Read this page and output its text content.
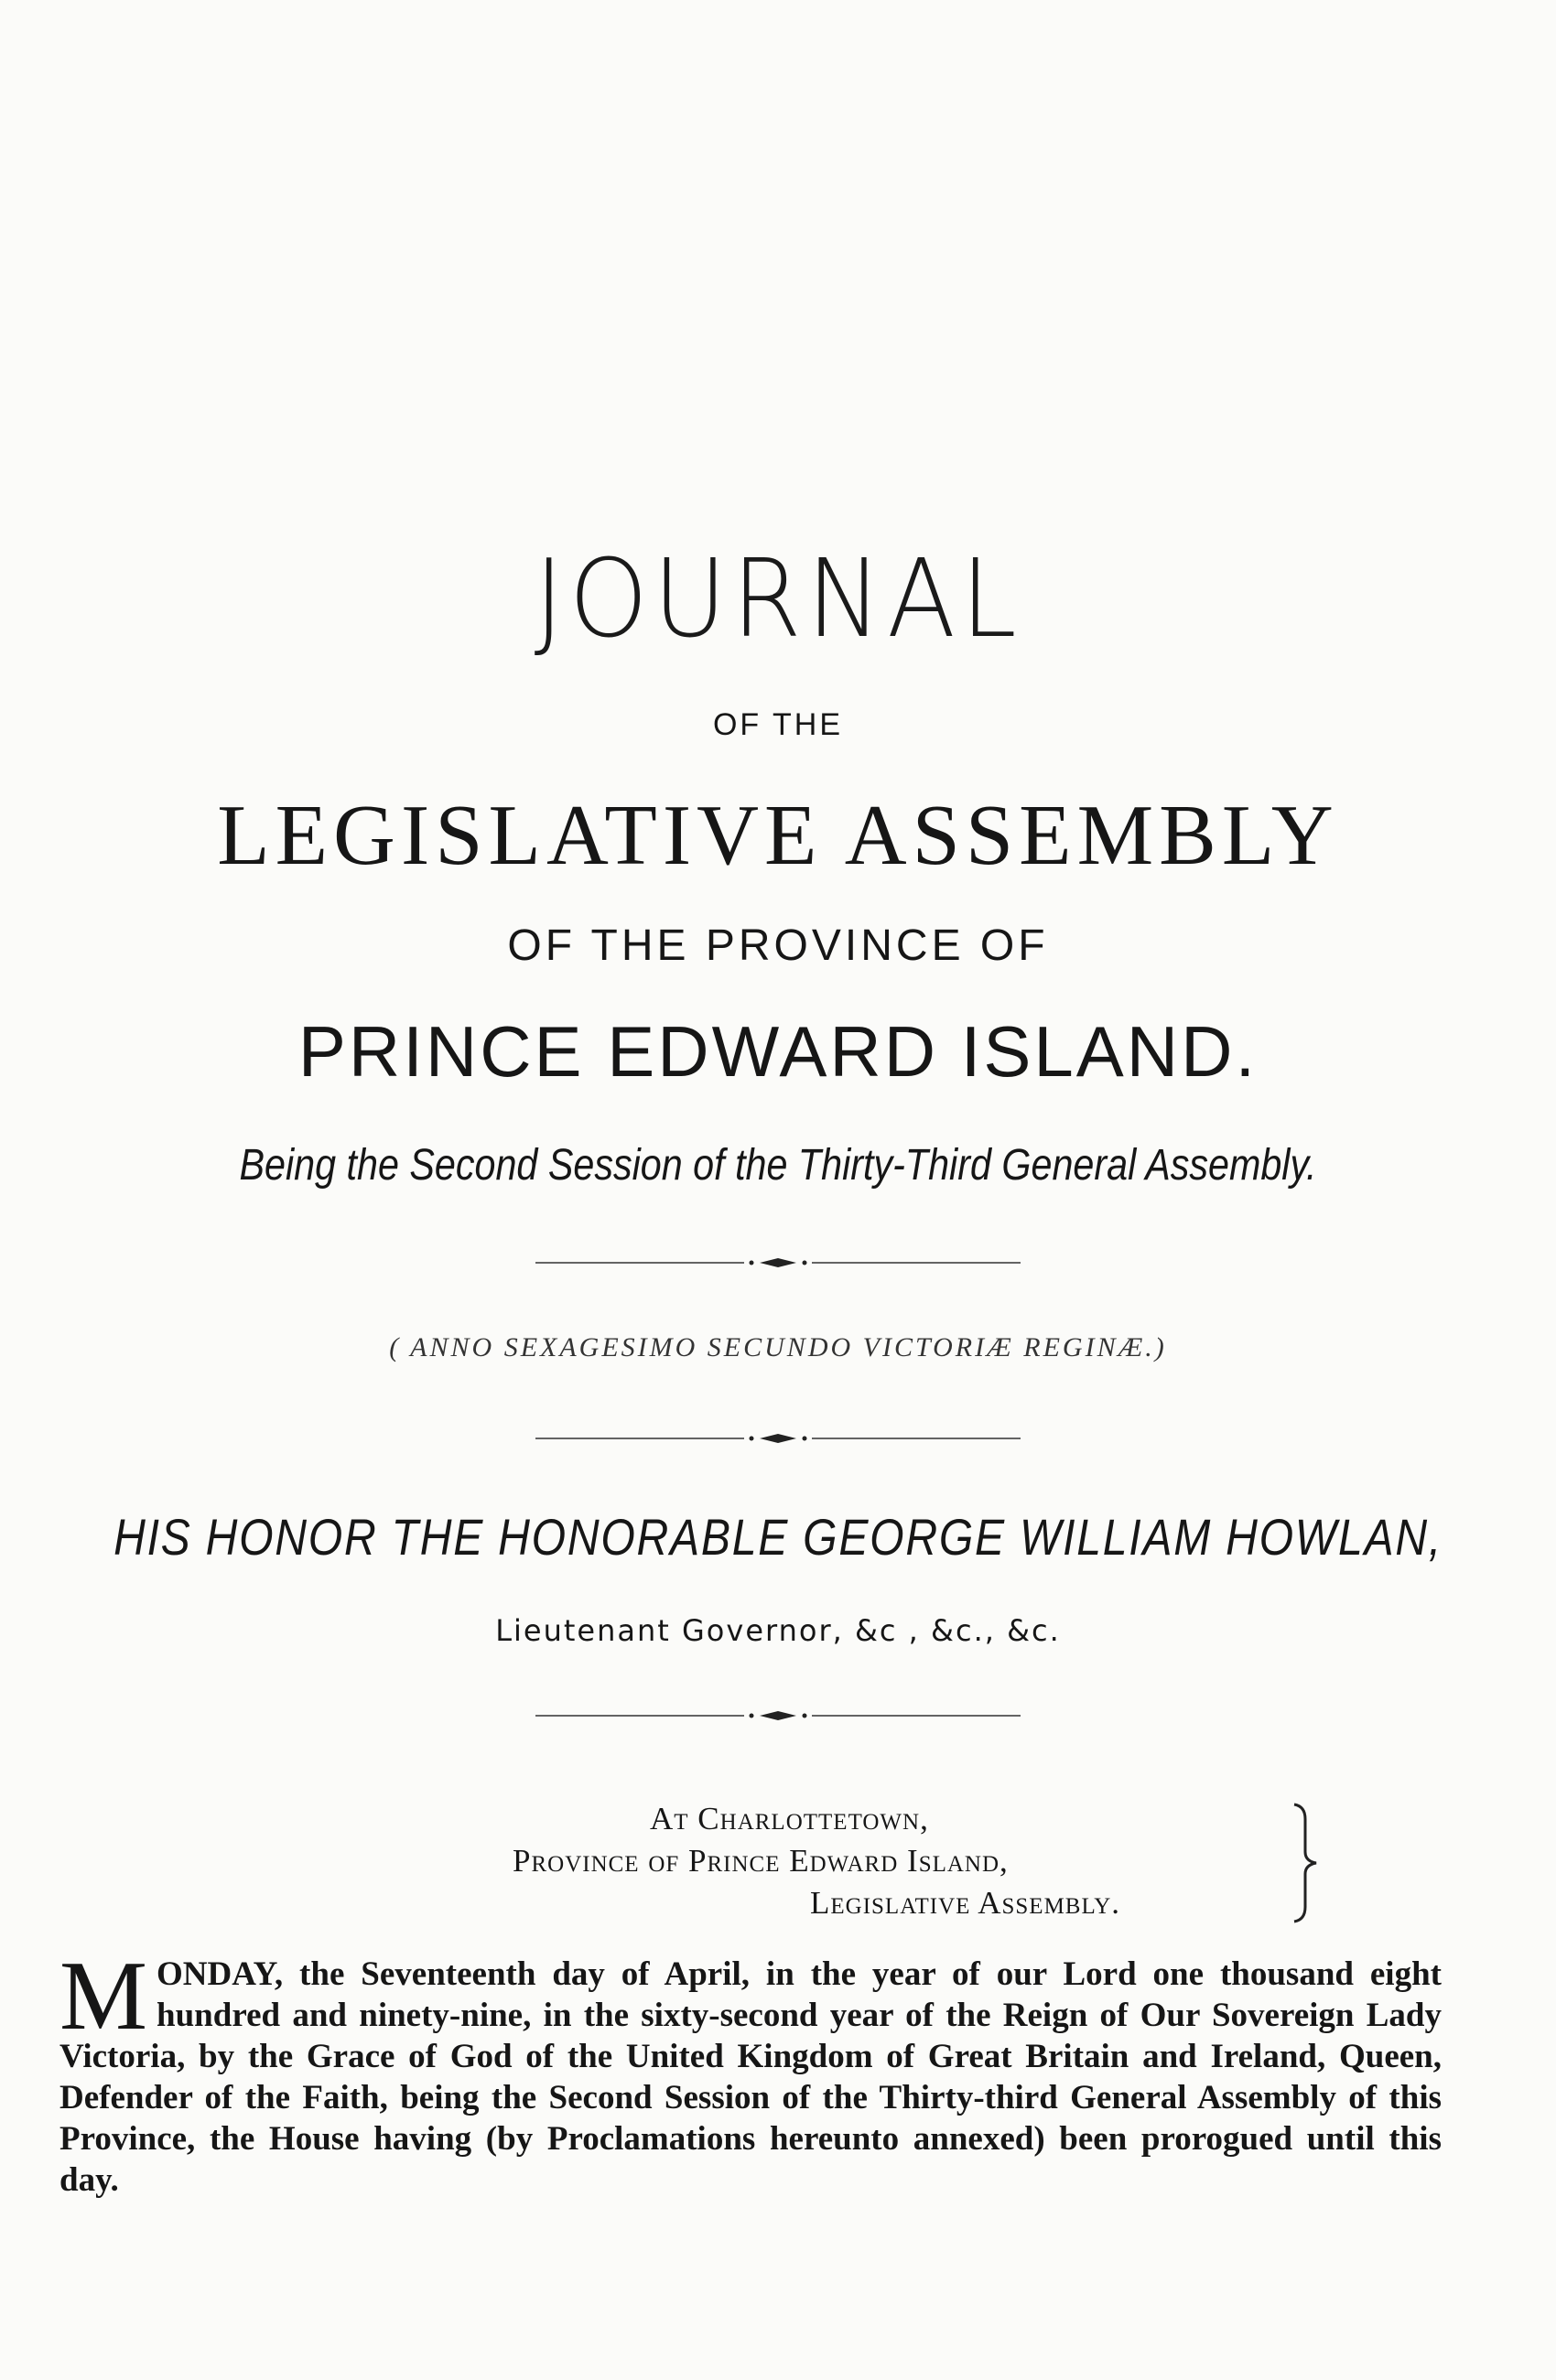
JOURNAL
OF THE
LEGISLATIVE ASSEMBLY
OF THE PROVINCE OF
PRINCE EDWARD ISLAND.
Being the Second Session of the Thirty-Third General Assembly.
( ANNO SEXAGESIMO SECUNDO VICTORIÆ REGINÆ.)
HIS HONOR THE HONORABLE GEORGE WILLIAM HOWLAN,
Lieutenant Governor, &c , &c., &c.
At Charlottetown,
Province of Prince Edward Island,
Legislative Assembly.
M ONDAY, the Seventeenth day of April, in the year of our Lord one thousand eight hundred and ninety-nine, in the sixty-second year of the Reign of Our Sovereign Lady Victoria, by the Grace of God of the United Kingdom of Great Britain and Ireland, Queen, Defender of the Faith, being the Second Session of the Thirty-third General Assembly of this Province, the House having (by Proclamations hereunto annexed) been prorogued until this day.
